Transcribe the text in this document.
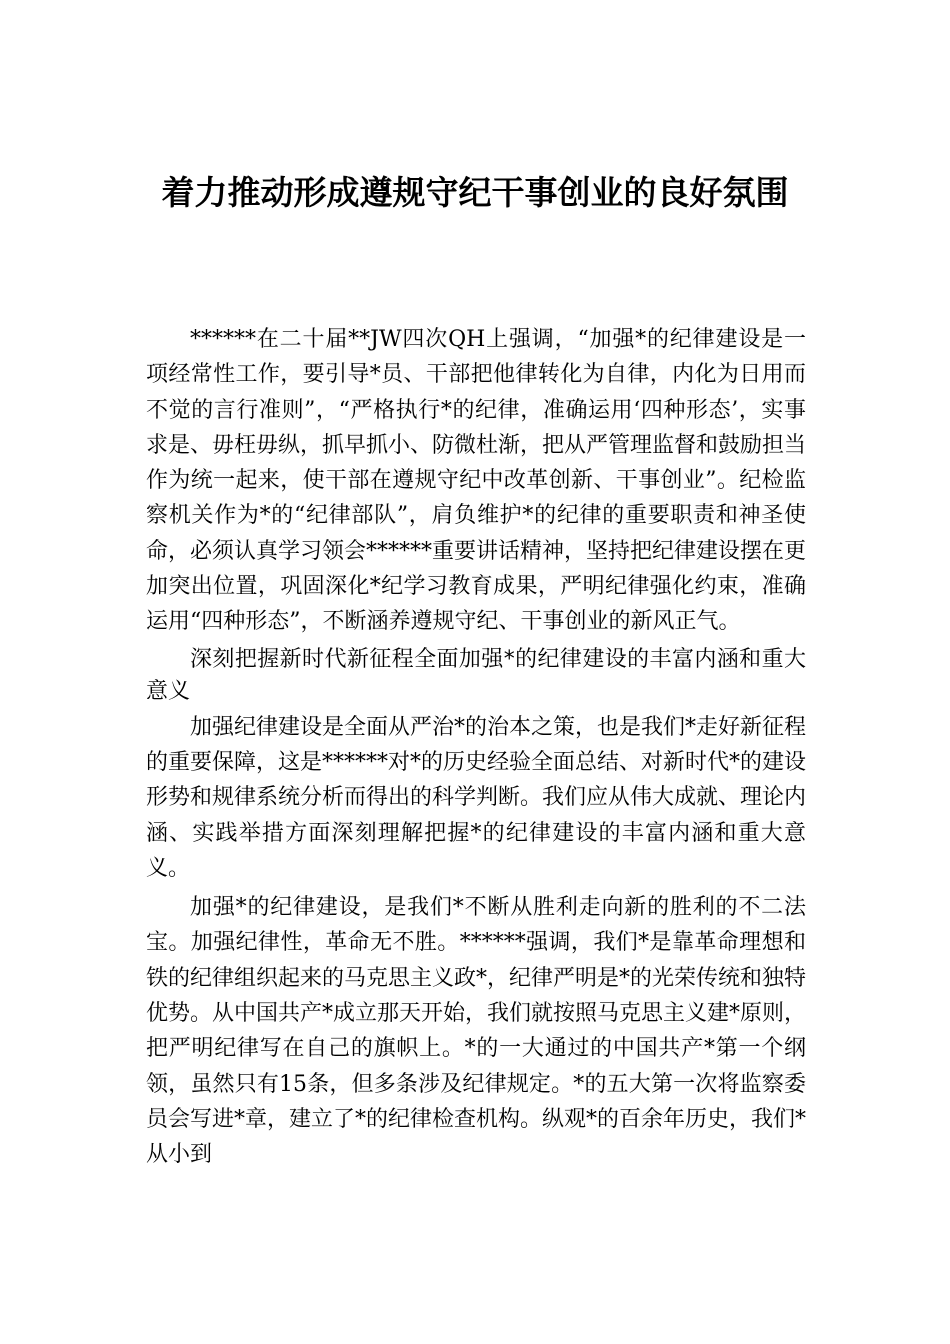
着力推动形成遵规守纪干事创业的良好氛围

******在二十届**JW四次QH上强调，“加强*的纪律建设是一项经常性工作，要引导*员、干部把他律转化为自律，内化为日用而不觉的言行准则”，“严格执行*的纪律，准确运用‘四种形态’，实事求是、毋枉毋纵，抓早抓小、防微杜渐，把从严管理监督和鼓励担当作为统一起来，使干部在遵规守纪中改革创新、干事创业”。纪检监察机关作为*的“纪律部队”，肩负维护*的纪律的重要职责和神圣使命，必须认真学习领会******重要讲话精神，坚持把纪律建设摆在更加突出位置，巩固深化*纪学习教育成果，严明纪律强化约束，准确运用“四种形态”，不断涵养遵规守纪、干事创业的新风正气。

深刻把握新时代新征程全面加强*的纪律建设的丰富内涵和重大意义

加强纪律建设是全面从严治*的治本之策，也是我们*走好新征程的重要保障，这是******对*的历史经验全面总结、对新时代*的建设形势和规律系统分析而得出的科学判断。我们应从伟大成就、理论内涵、实践举措方面深刻理解把握*的纪律建设的丰富内涵和重大意义。

加强*的纪律建设，是我们*不断从胜利走向新的胜利的不二法宝。加强纪律性，革命无不胜。******强调，我们*是靠革命理想和铁的纪律组织起来的马克思主义政*，纪律严明是*的光荣传统和独特优势。从中国共产*成立那天开始，我们就按照马克思主义建*原则，把严明纪律写在自己的旗帜上。*的一大通过的中国共产*第一个纲领，虽然只有15条，但多条涉及纪律规定。*的五大第一次将监察委员会写进*章，建立了*的纪律检查机构。纵观*的百余年历史，我们*从小到
